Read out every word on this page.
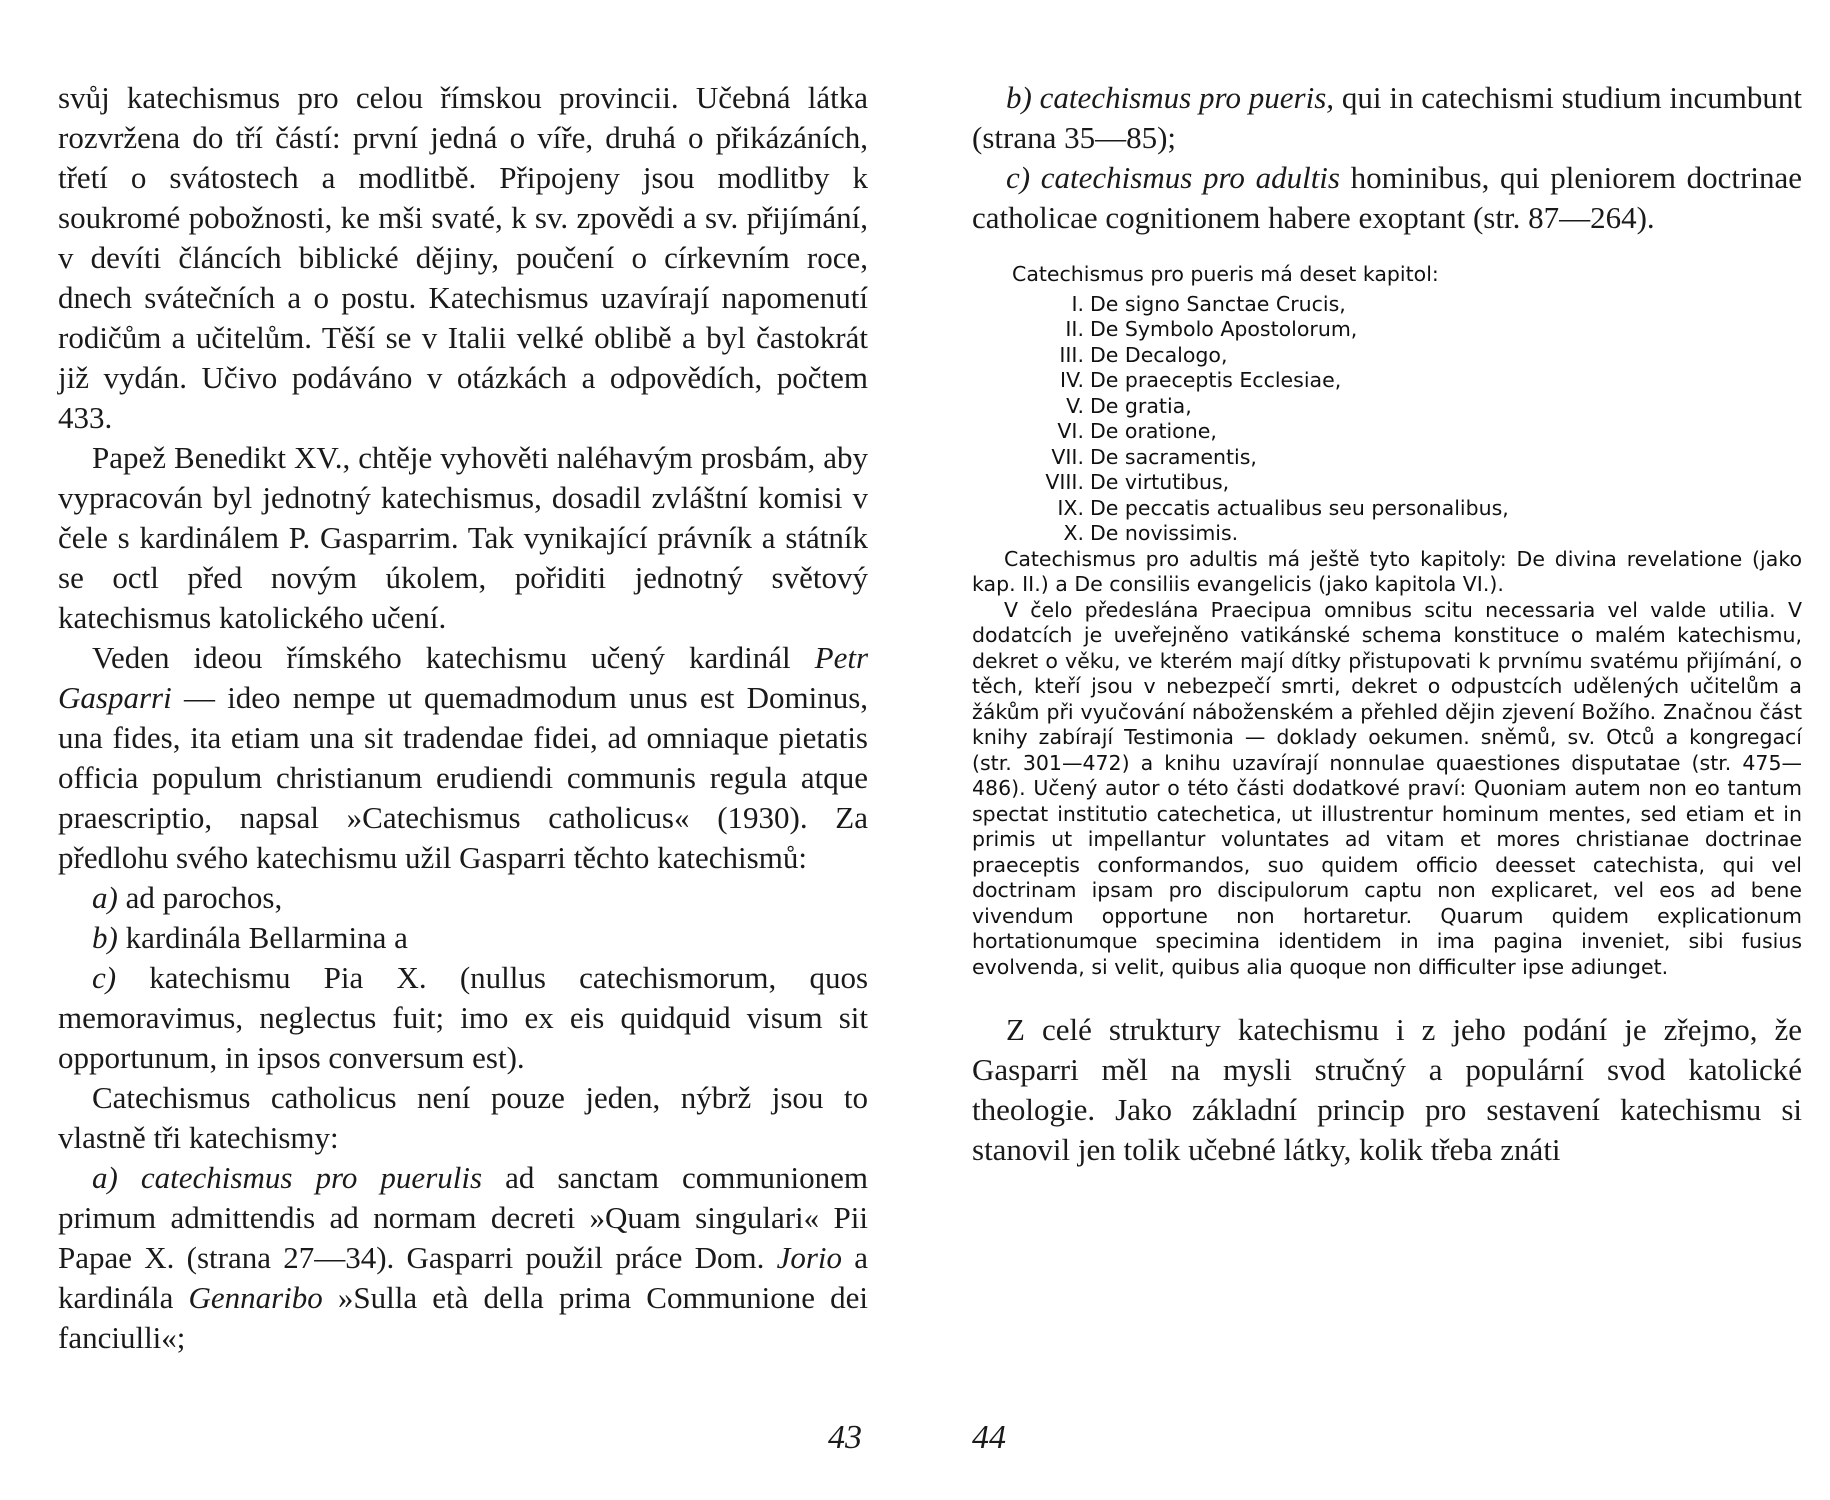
svůj katechismus pro celou římskou provincii. Učebná látka rozvržena do tří částí: první jedná o víře, druhá o přikázáních, třetí o svátostech a modlitbě. Připojeny jsou modlitby k soukromé pobožnosti, ke mši svaté, k sv. zpovědi a sv. přijímání, v devíti článcích biblické dějiny, poučení o církevním roce, dnech svátečních a o postu. Katechismus uzavírají napomenutí rodičům a učitelům. Těší se v Italii velké oblibě a byl častokrát již vydán. Učivo podáváno v otázkách a odpovědích, počtem 433.

Papež Benedikt XV., chtěje vyhověti naléhavým prosbám, aby vypracován byl jednotný katechismus, dosadil zvláštní komisi v čele s kardinálem P. Gasparrim. Tak vynikající právník a státník se octl před novým úkolem, pořiditi jednotný světový katechismus katolického učení.

Veden ideou římského katechismu učený kardinál Petr Gasparri — ideo nempe ut quemadmodum unus est Dominus, una fides, ita etiam una sit tradendae fidei, ad omniaque pietatis officia populum christianum erudiendi communis regula atque praescriptio, napsal »Catechismus catholicus« (1930). Za předlohu svého katechismu užil Gasparri těchto katechismů:

a) ad parochos,

b) kardinála Bellarmina a

c) katechismu Pia X. (nullus catechismorum, quos memoravimus, neglectus fuit; imo ex eis quidquid visum sit opportunum, in ipsos conversum est).

Catechismus catholicus není pouze jeden, nýbrž jsou to vlastně tři katechismy:

a) catechismus pro puerulis ad sanctam communionem primum admittendis ad normam decreti »Quam singulari« Pii Papae X. (strana 27—34). Gasparri použil práce Dom. Jorio a kardinála Gennaribo »Sulla età della prima Communione dei fanciulli«;

43

b) catechismus pro pueris, qui in catechismi studium incumbunt (strana 35—85);

c) catechismus pro adultis hominibus, qui pleniorem doctrinae catholicae cognitionem habere exoptant (str. 87—264).

Catechismus pro pueris má deset kapitol:
I. De signo Sanctae Crucis,
II. De Symbolo Apostolorum,
III. De Decalogo,
IV. De praeceptis Ecclesiae,
V. De gratia,
VI. De oratione,
VII. De sacramentis,
VIII. De virtutibus,
IX. De peccatis actualibus seu personalibus,
X. De novissimis.

Catechismus pro adultis má ještě tyto kapitoly: De divina revelatione (jako kap. II.) a De consiliis evangelicis (jako kapitola VI.).

V čelo předeslána Praecipua omnibus scitu necessaria vel valde utilia. V dodatcích je uveřejněno vatikánské schema konstituce o malém katechismu, dekret o věku, ve kterém mají dítky přistupovati k prvnímu svatému přijímání, o těch, kteří jsou v nebezpečí smrti, dekret o odpustcích udělených učitelům a žákům při vyučování náboženském a přehled dějin zjevení Božího. Značnou část knihy zabírají Testimonia — doklady oekumen. sněmů, sv. Otců a kongregací (str. 301—472) a knihu uzavírají nonnulae quaestiones disputatae (str. 475—486). Učený autor o této části dodatkové praví: Quoniam autem non eo tantum spectat institutio catechetica, ut illustrentur hominum mentes, sed etiam et in primis ut impellantur voluntates ad vitam et mores christianae doctrinae praeceptis conformandos, suo quidem officio deesset catechista, qui vel doctrinam ipsam pro discipulorum captu non explicaret, vel eos ad bene vivendum opportune non hortaretur. Quarum quidem explicationum hortationumque specimina identidem in ima pagina inveniet, sibi fusius evolvenda, si velit, quibus alia quoque non difficulter ipse adiunget.

Z celé struktury katechismu i z jeho podání je zřejmo, že Gasparri měl na mysli stručný a populární svod katolické theologie. Jako základní princip pro sestavení katechismu si stanovil jen tolik učebné látky, kolik třeba znáti

44
